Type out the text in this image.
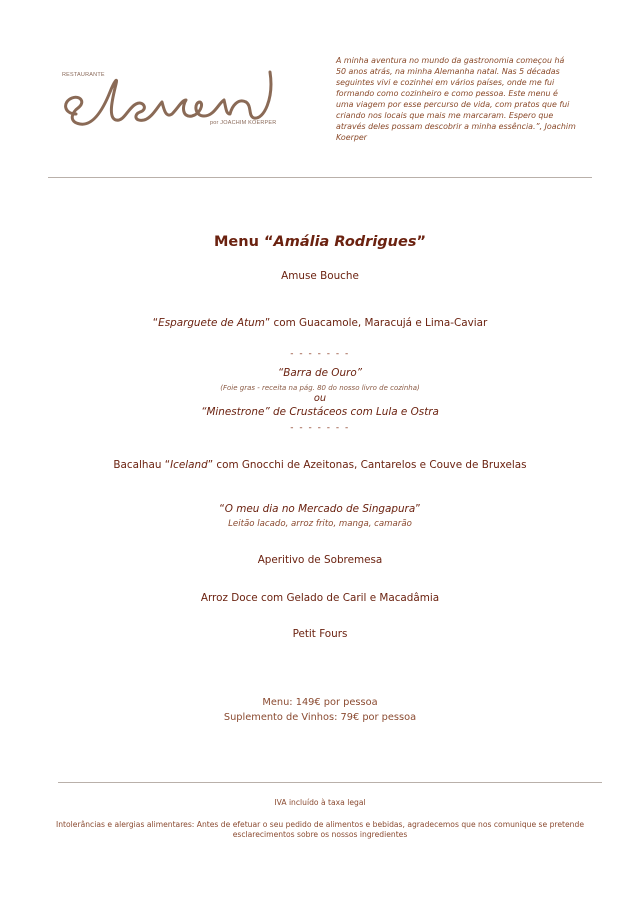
RESTAURANTE
por JOACHIM KOERPER

A minha aventura no mundo da gastronomia começou há 50 anos atrás, na minha Alemanha natal. Nas 5 décadas seguintes vivi e cozinhei em vários países, onde me fui formando como cozinheiro e como pessoa. Este menu é uma viagem por esse percurso de vida, com pratos que fui criando nos locais que mais me marcaram. Espero que através deles possam descobrir a minha essência.”, Joachim Koerper

Menu “Amália Rodrigues”

Amuse Bouche

“Esparguete de Atum” com Guacamole, Maracujá e Lima-Caviar

- - - - - - -

“Barra de Ouro”

(Foie gras - receita na pág. 80 do nosso livro de cozinha)

ou

“Minestrone” de Crustáceos com Lula e Ostra

- - - - - - -

Bacalhau “Iceland” com Gnocchi de Azeitonas, Cantarelos e Couve de Bruxelas

“O meu dia no Mercado de Singapura”

Leitão lacado, arroz frito, manga, camarão

Aperitivo de Sobremesa

Arroz Doce com Gelado de Caril e Macadâmia

Petit Fours

Menu: 149€ por pessoa

Suplemento de Vinhos: 79€ por pessoa

IVA incluído à taxa legal

Intolerâncias e alergias alimentares: Antes de efetuar o seu pedido de alimentos e bebidas, agradecemos que nos comunique se pretende

esclarecimentos sobre os nossos ingredientes
